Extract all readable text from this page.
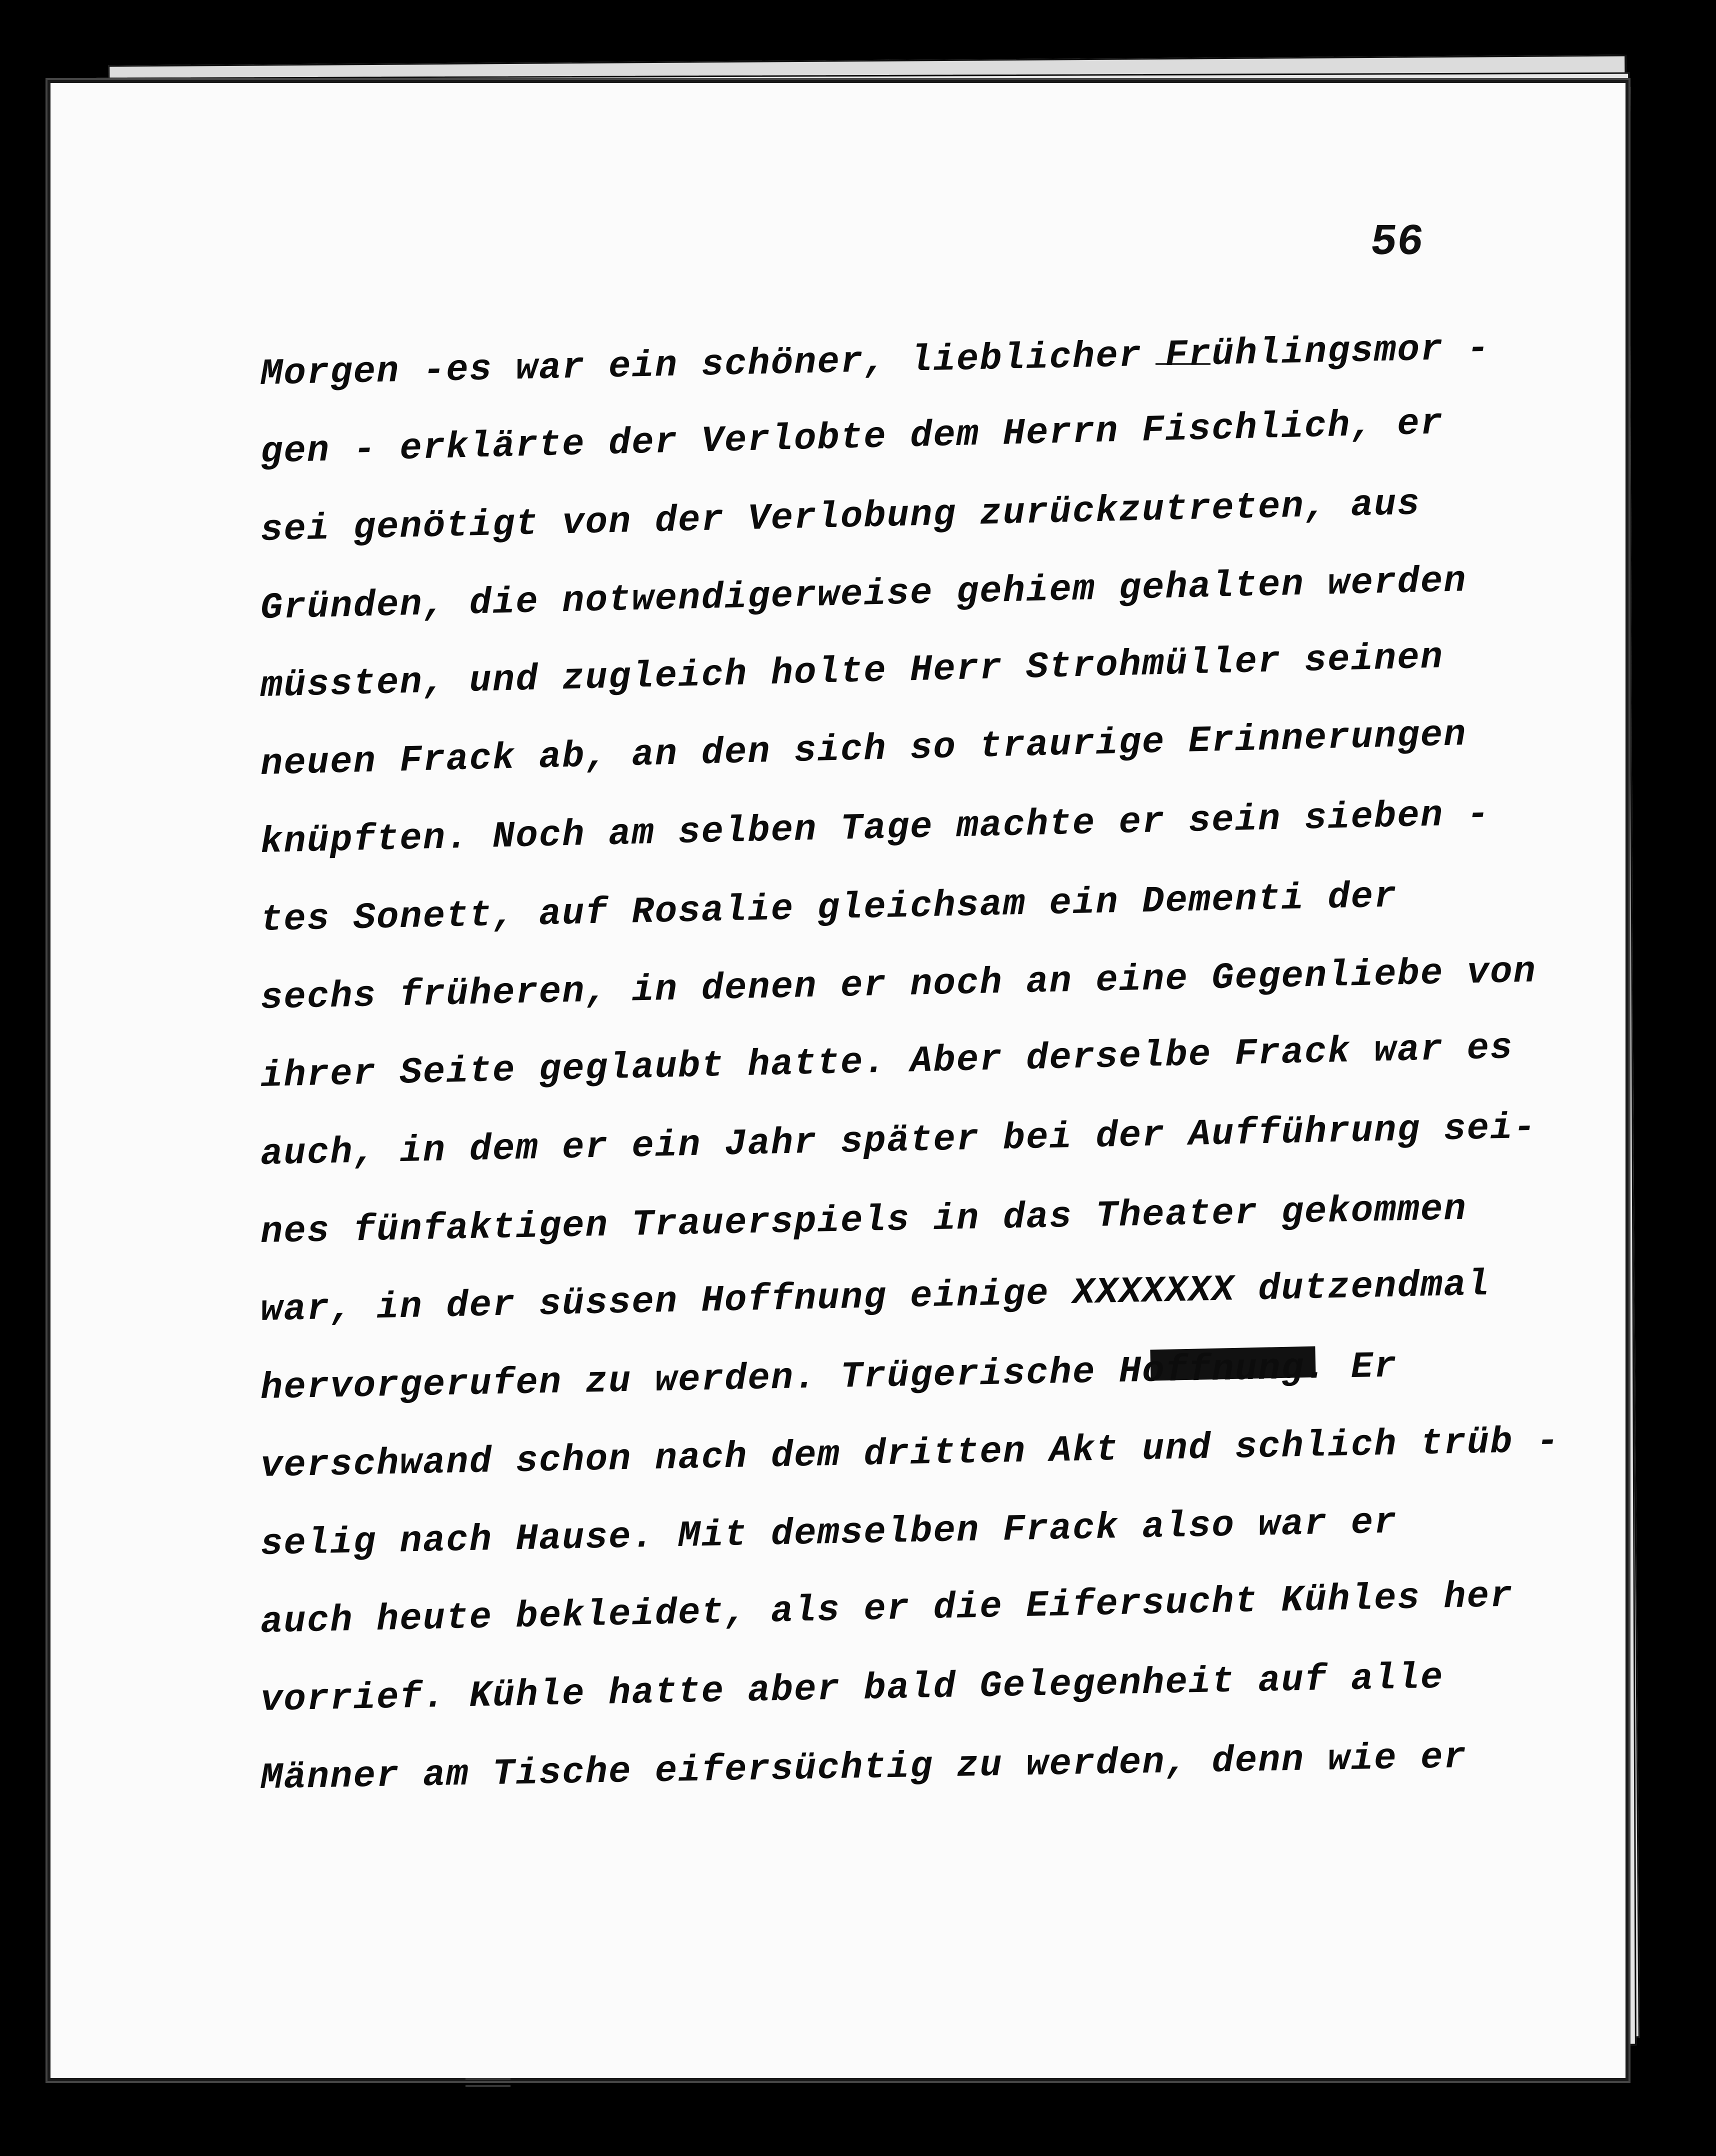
56
Morgen -es war ein schöner, lieblicher Frühlingsmor -
gen - erklärte der Verlobte dem Herrn Fischlich, er
sei genötigt von der Verlobung zurückzutreten, aus
Gründen, die notwendigerweise gehiem gehalten werden
müssten, und zugleich holte Herr Strohmüller seinen
neuen Frack ab, an den sich so traurige Erinnerungen
knüpften. Noch am selben Tage machte er sein sieben -
tes Sonett, auf Rosalie gleichsam ein Dementi der
sechs früheren, in denen er noch an eine Gegenliebe von
ihrer Seite geglaubt hatte. Aber derselbe Frack war es
auch, in dem er ein Jahr später bei der Aufführung sei-
nes fünfaktigen Trauerspiels in das Theater gekommen
war, in der süssen Hoffnung einige XXXXXXX dutzendmal
hervorgerufen zu werden. Trügerische Hoffnung. Er
verschwand schon nach dem dritten Akt und schlich trüb -
selig nach Hause. Mit demselben Frack also war er
auch heute bekleidet, als er die Eifersucht Kühles her
vorrief. Kühle hatte aber bald Gelegenheit auf alle
Männer am Tische eifersüchtig zu werden, denn wie er
